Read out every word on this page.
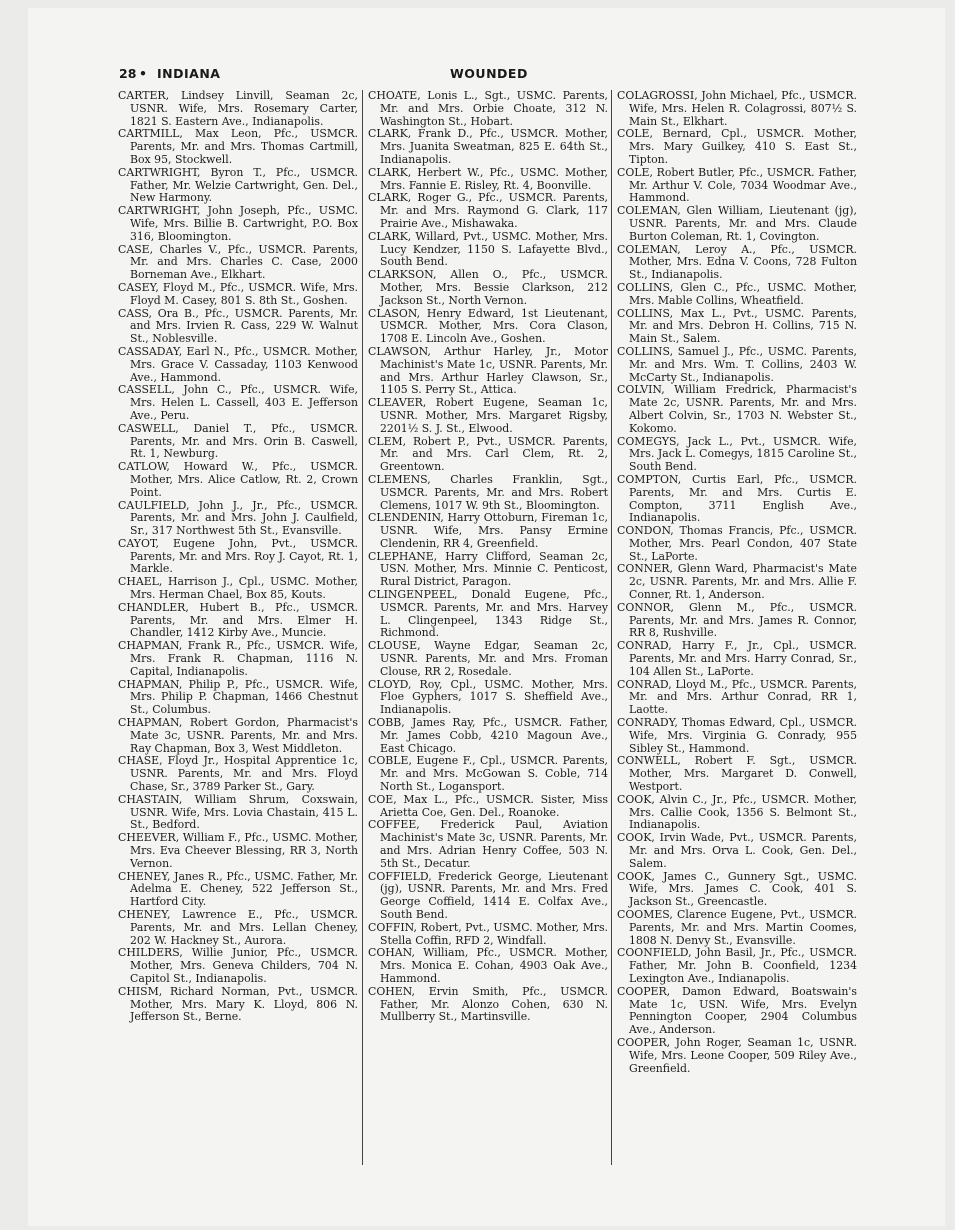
28 • INDIANA	WOUNDED

CARTER, Lindsey Linvill, Seaman 2c, USNR. Wife, Mrs. Rosemary Carter, 1821 S. Eastern Ave., Indianapolis.

CARTMILL, Max Leon, Pfc., USMCR. Parents, Mr. and Mrs. Thomas Cartmill, Box 95, Stockwell.

CARTWRIGHT, Byron T., Pfc., USMCR. Father, Mr. Welzie Cartwright, Gen. Del., New Harmony.

CARTWRIGHT, John Joseph, Pfc., USMC. Wife, Mrs. Billie B. Cartwright, P.O. Box 316, Bloomington.

CASE, Charles V., Pfc., USMCR. Parents, Mr. and Mrs. Charles C. Case, 2000 Borneman Ave., Elkhart.

CASEY, Floyd M., Pfc., USMCR. Wife, Mrs. Floyd M. Casey, 801 S. 8th St., Goshen.

CASS, Ora B., Pfc., USMCR. Parents, Mr. and Mrs. Irvien R. Cass, 229 W. Walnut St., Noblesville.

CASSADAY, Earl N., Pfc., USMCR. Mother, Mrs. Grace V. Cassaday, 1103 Kenwood Ave., Hammond.

CASSELL, John C., Pfc., USMCR. Wife, Mrs. Helen L. Cassell, 403 E. Jefferson Ave., Peru.

CASWELL, Daniel T., Pfc., USMCR. Parents, Mr. and Mrs. Orin B. Caswell, Rt. 1, Newburg.

CATLOW, Howard W., Pfc., USMCR. Mother, Mrs. Alice Catlow, Rt. 2, Crown Point.

CAULFIELD, John J., Jr., Pfc., USMCR. Parents, Mr. and Mrs. John J. Caulfield, Sr., 317 Northwest 5th St., Evansville.

CAYOT, Eugene John, Pvt., USMCR. Parents, Mr. and Mrs. Roy J. Cayot, Rt. 1, Markle.

CHAEL, Harrison J., Cpl., USMC. Mother, Mrs. Herman Chael, Box 85, Kouts.

CHANDLER, Hubert B., Pfc., USMCR. Parents, Mr. and Mrs. Elmer H. Chandler, 1412 Kirby Ave., Muncie.

CHAPMAN, Frank R., Pfc., USMCR. Wife, Mrs. Frank R. Chapman, 1116 N. Capital, Indianapolis.

CHAPMAN, Philip P., Pfc., USMCR. Wife, Mrs. Philip P. Chapman, 1466 Chestnut St., Columbus.

CHAPMAN, Robert Gordon, Pharmacist's Mate 3c, USNR. Parents, Mr. and Mrs. Ray Chapman, Box 3, West Middleton.

CHASE, Floyd Jr., Hospital Apprentice 1c, USNR. Parents, Mr. and Mrs. Floyd Chase, Sr., 3789 Parker St., Gary.

CHASTAIN, William Shrum, Coxswain, USNR. Wife, Mrs. Lovia Chastain, 415 L. St., Bedford.

CHEEVER, William F., Pfc., USMC. Mother, Mrs. Eva Cheever Blessing, RR 3, North Vernon.

CHENEY, Janes R., Pfc., USMC. Father, Mr. Adelma E. Cheney, 522 Jefferson St., Hartford City.

CHENEY, Lawrence E., Pfc., USMCR. Parents, Mr. and Mrs. Lellan Cheney, 202 W. Hackney St., Aurora.

CHILDERS, Willie Junior, Pfc., USMCR. Mother, Mrs. Geneva Childers, 704 N. Capitol St., Indianapolis.

CHISM, Richard Norman, Pvt., USMCR. Mother, Mrs. Mary K. Lloyd, 806 N. Jefferson St., Berne.

CHOATE, Lonis L., Sgt., USMC. Parents, Mr. and Mrs. Orbie Choate, 312 N. Washington St., Hobart.

CLARK, Frank D., Pfc., USMCR. Mother, Mrs. Juanita Sweatman, 825 E. 64th St., Indianapolis.

CLARK, Herbert W., Pfc., USMC. Mother, Mrs. Fannie E. Risley, Rt. 4, Boonville.

CLARK, Roger G., Pfc., USMCR. Parents, Mr. and Mrs. Raymond G. Clark, 117 Prairie Ave., Mishawaka.

CLARK, Willard, Pvt., USMC. Mother, Mrs. Lucy Kendzer, 1150 S. Lafayette Blvd., South Bend.

CLARKSON, Allen O., Pfc., USMCR. Mother, Mrs. Bessie Clarkson, 212 Jackson St., North Vernon.

CLASON, Henry Edward, 1st Lieutenant, USMCR. Mother, Mrs. Cora Clason, 1708 E. Lincoln Ave., Goshen.

CLAWSON, Arthur Harley, Jr., Motor Machinist's Mate 1c, USNR. Parents, Mr. and Mrs. Arthur Harley Clawson, Sr., 1105 S. Perry St., Attica.

CLEAVER, Robert Eugene, Seaman 1c, USNR. Mother, Mrs. Margaret Rigsby, 2201½ S. J. St., Elwood.

CLEM, Robert P., Pvt., USMCR. Parents, Mr. and Mrs. Carl Clem, Rt. 2, Greentown.

CLEMENS, Charles Franklin, Sgt., USMCR. Parents, Mr. and Mrs. Robert Clemens, 1017 W. 9th St., Bloomington.

CLENDENIN, Harry Ottoburn, Fireman 1c, USNR. Wife, Mrs. Pansy Ermine Clendenin, RR 4, Greenfield.

CLEPHANE, Harry Clifford, Seaman 2c, USN. Mother, Mrs. Minnie C. Penticost, Rural District, Paragon.

CLINGENPEEL, Donald Eugene, Pfc., USMCR. Parents, Mr. and Mrs. Harvey L. Clingenpeel, 1343 Ridge St., Richmond.

CLOUSE, Wayne Edgar, Seaman 2c, USNR. Parents, Mr. and Mrs. Froman Clouse, RR 2, Rosedale.

CLOYD, Roy, Cpl., USMC. Mother, Mrs. Floe Gyphers, 1017 S. Sheffield Ave., Indianapolis.

COBB, James Ray, Pfc., USMCR. Father, Mr. James Cobb, 4210 Magoun Ave., East Chicago.

COBLE, Eugene F., Cpl., USMCR. Parents, Mr. and Mrs. McGowan S. Coble, 714 North St., Logansport.

COE, Max L., Pfc., USMCR. Sister, Miss Arietta Coe, Gen. Del., Roanoke.

COFFEE, Frederick Paul, Aviation Machinist's Mate 3c, USNR. Parents, Mr. and Mrs. Adrian Henry Coffee, 503 N. 5th St., Decatur.

COFFIELD, Frederick George, Lieutenant (jg), USNR. Parents, Mr. and Mrs. Fred George Coffield, 1414 E. Colfax Ave., South Bend.

COFFIN, Robert, Pvt., USMC. Mother, Mrs. Stella Coffin, RFD 2, Windfall.

COHAN, William, Pfc., USMCR. Mother, Mrs. Monica E. Cohan, 4903 Oak Ave., Hammond.

COHEN, Ervin Smith, Pfc., USMCR. Father, Mr. Alonzo Cohen, 630 N. Mullberry St., Martinsville.

COLAGROSSI, John Michael, Pfc., USMCR. Wife, Mrs. Helen R. Colagrossi, 807½ S. Main St., Elkhart.

COLE, Bernard, Cpl., USMCR. Mother, Mrs. Mary Guilkey, 410 S. East St., Tipton.

COLE, Robert Butler, Pfc., USMCR. Father, Mr. Arthur V. Cole, 7034 Woodmar Ave., Hammond.

COLEMAN, Glen William, Lieutenant (jg), USNR. Parents, Mr. and Mrs. Claude Burton Coleman, Rt. 1, Covington.

COLEMAN, Leroy A., Pfc., USMCR. Mother, Mrs. Edna V. Coons, 728 Fulton St., Indianapolis.

COLLINS, Glen C., Pfc., USMC. Mother, Mrs. Mable Collins, Wheatfield.

COLLINS, Max L., Pvt., USMC. Parents, Mr. and Mrs. Debron H. Collins, 715 N. Main St., Salem.

COLLINS, Samuel J., Pfc., USMC. Parents, Mr. and Mrs. Wm. T. Collins, 2403 W. McCarty St., Indianapolis.

COLVIN, William Fredrick, Pharmacist's Mate 2c, USNR. Parents, Mr. and Mrs. Albert Colvin, Sr., 1703 N. Webster St., Kokomo.

COMEGYS, Jack L., Pvt., USMCR. Wife, Mrs. Jack L. Comegys, 1815 Caroline St., South Bend.

COMPTON, Curtis Earl, Pfc., USMCR. Parents, Mr. and Mrs. Curtis E. Compton, 3711 English Ave., Indianapolis.

CONDON, Thomas Francis, Pfc., USMCR. Mother, Mrs. Pearl Condon, 407 State St., LaPorte.

CONNER, Glenn Ward, Pharmacist's Mate 2c, USNR. Parents, Mr. and Mrs. Allie F. Conner, Rt. 1, Anderson.

CONNOR, Glenn M., Pfc., USMCR. Parents, Mr. and Mrs. James R. Connor, RR 8, Rushville.

CONRAD, Harry F., Jr., Cpl., USMCR. Parents, Mr. and Mrs. Harry Conrad, Sr., 104 Allen St., LaPorte.

CONRAD, Lloyd M., Pfc., USMCR. Parents, Mr. and Mrs. Arthur Conrad, RR 1, Laotte.

CONRADY, Thomas Edward, Cpl., USMCR. Wife, Mrs. Virginia G. Conrady, 955 Sibley St., Hammond.

CONWELL, Robert F. Sgt., USMCR. Mother, Mrs. Margaret D. Conwell, Westport.

COOK, Alvin C., Jr., Pfc., USMCR. Mother, Mrs. Callie Cook, 1356 S. Belmont St., Indianapolis.

COOK, Irvin Wade, Pvt., USMCR. Parents, Mr. and Mrs. Orva L. Cook, Gen. Del., Salem.

COOK, James C., Gunnery Sgt., USMC. Wife, Mrs. James C. Cook, 401 S. Jackson St., Greencastle.

COOMES, Clarence Eugene, Pvt., USMCR. Parents, Mr. and Mrs. Martin Coomes, 1808 N. Denvy St., Evansville.

COONFIELD, John Basil, Jr., Pfc., USMCR. Father, Mr. John B. Coonfield, 1234 Lexington Ave., Indianapolis.

COOPER, Damon Edward, Boatswain's Mate 1c, USN. Wife, Mrs. Evelyn Pennington Cooper, 2904 Columbus Ave., Anderson.

COOPER, John Roger, Seaman 1c, USNR. Wife, Mrs. Leone Cooper, 509 Riley Ave., Greenfield.
